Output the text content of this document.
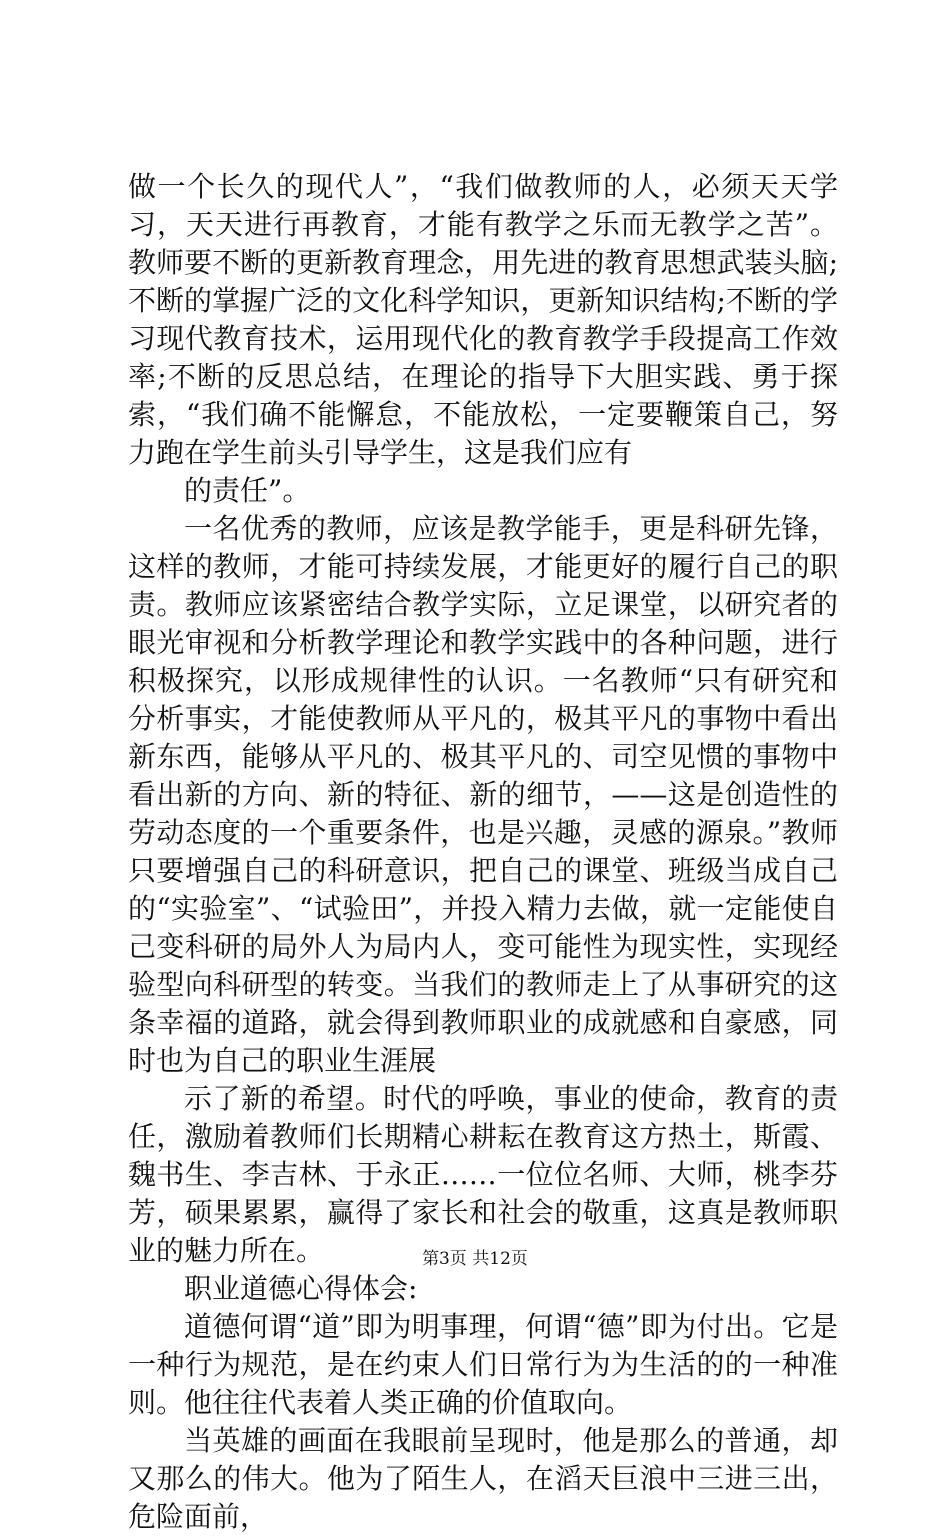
做一个长久的现代人”，“我们做教师的人，必须天天学习，天天进行再教育，才能有教学之乐而无教学之苦”。教师要不断的更新教育理念，用先进的教育思想武装头脑;不断的掌握广泛的文化科学知识，更新知识结构;不断的学习现代教育技术，运用现代化的教育教学手段提高工作效率;不断的反思总结，在理论的指导下大胆实践、勇于探索，“我们确不能懈怠，不能放松，一定要鞭策自己，努力跑在学生前头引导学生，这是我们应有

的责任”。

一名优秀的教师，应该是教学能手，更是科研先锋，这样的教师，才能可持续发展，才能更好的履行自己的职责。教师应该紧密结合教学实际，立足课堂，以研究者的眼光审视和分析教学理论和教学实践中的各种问题，进行积极探究，以形成规律性的认识。一名教师“只有研究和分析事实，才能使教师从平凡的，极其平凡的事物中看出新东西，能够从平凡的、极其平凡的、司空见惯的事物中看出新的方向、新的特征、新的细节，——这是创造性的劳动态度的一个重要条件，也是兴趣，灵感的源泉。”教师只要增强自己的科研意识，把自己的课堂、班级当成自己的“实验室”、“试验田”，并投入精力去做，就一定能使自己变科研的局外人为局内人，变可能性为现实性，实现经验型向科研型的转变。当我们的教师走上了从事研究的这条幸福的道路，就会得到教师职业的成就感和自豪感，同时也为自己的职业生涯展

示了新的希望。时代的呼唤，事业的使命，教育的责任，激励着教师们长期精心耕耘在教育这方热土，斯霞、魏书生、李吉林、于永正……一位位名师、大师，桃李芬芳，硕果累累，赢得了家长和社会的敬重，这真是教师职业的魅力所在。

职业道德心得体会:

道德何谓“道”即为明事理，何谓“德”即为付出。它是一种行为规范，是在约束人们日常行为为生活的的一种准则。他往往代表着人类正确的价值取向。

当英雄的画面在我眼前呈现时，他是那么的普通，却又那么的伟大。他为了陌生人，在滔天巨浪中三进三出，危险面前，

第3页 共12页
